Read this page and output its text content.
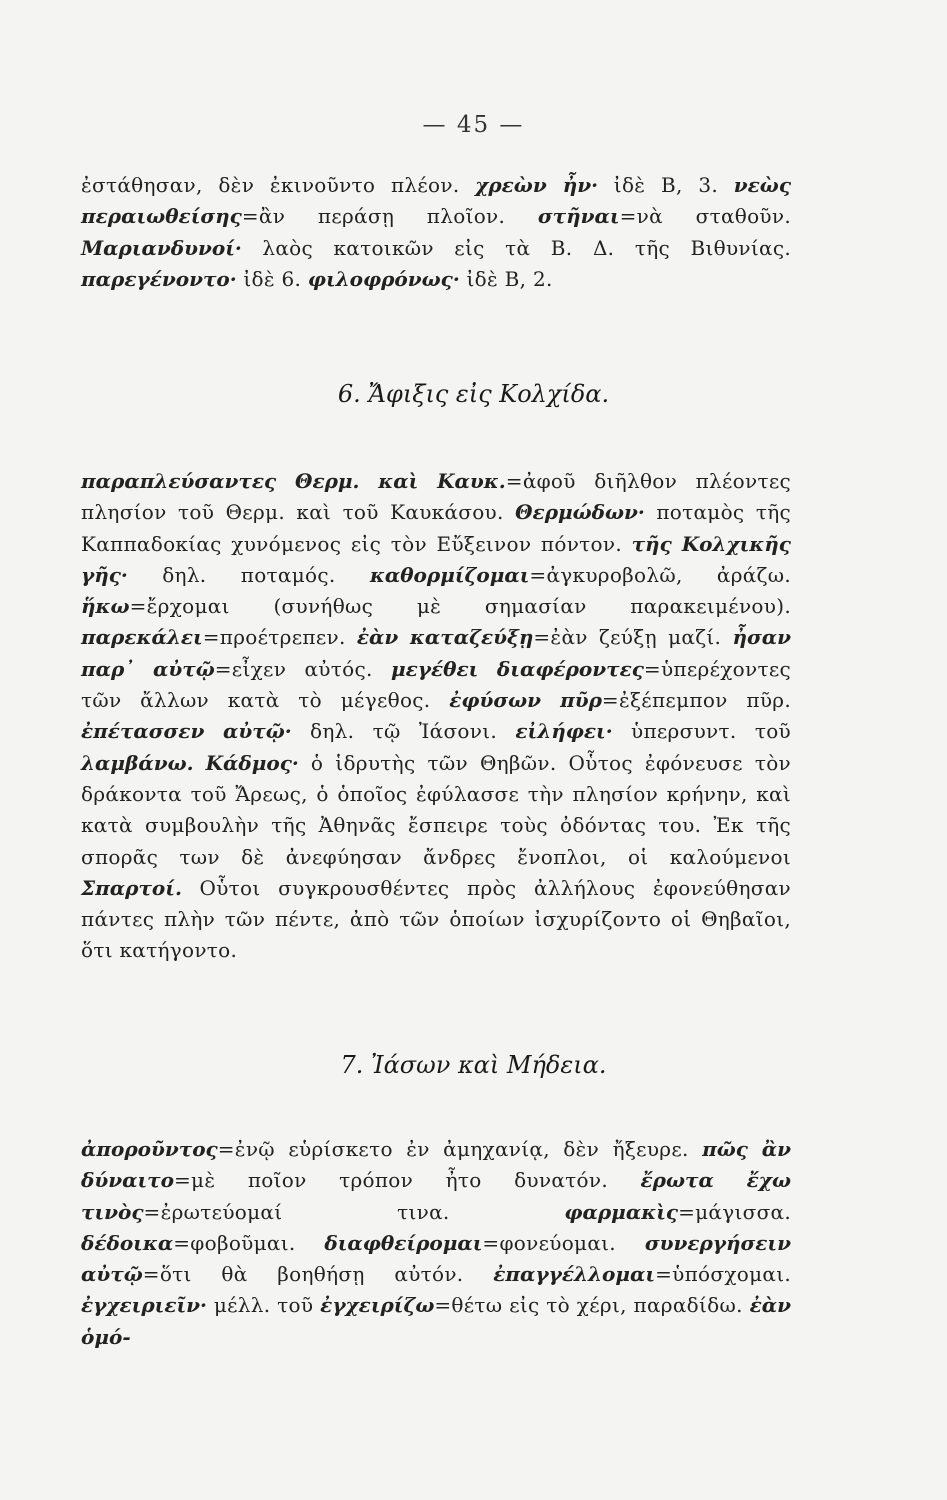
— 45 —

ἐστάθησαν, δὲν ἐκινοῦντο πλέον. χρεὼν ἦν· ἰδὲ Β, 3. νεὼς περαιωθείσης=ἂν περάσῃ πλοῖον. στῆναι=νὰ σταθοῦν. Μαριανδυνοί· λαὸς κατοικῶν εἰς τὰ Β. Δ. τῆς Βιθυνίας. παρεγένοντο· ἰδὲ 6. φιλοφρόνως· ἰδὲ Β, 2.

6. Ἄφιξις εἰς Κολχίδα.

παραπλεύσαντες Θερμ. καὶ Καυκ.=ἀφοῦ διῆλθον πλέοντες πλησίον τοῦ Θερμ. καὶ τοῦ Καυκάσου. Θερμώδων· ποταμὸς τῆς Καππαδοκίας χυνόμενος εἰς τὸν Εὔξεινον πόντον. τῆς Κολχικῆς γῆς· δηλ. ποταμός. καθορμίζομαι=ἀγκυροβολῶ, ἀράζω. ἥκω=ἔρχομαι (συνήθως μὲ σημασίαν παρακειμένου). παρεκάλει=προέτρεπεν. ἐὰν καταζεύξῃ=ἐὰν ζεύξῃ μαζί. ἦσαν παρ᾽ αὐτῷ=εἶχεν αὐτός. μεγέθει διαφέροντες=ὑπερέχοντες τῶν ἄλλων κατὰ τὸ μέγεθος. ἐφύσων πῦρ=ἐξέπεμπον πῦρ. ἐπέτασσεν αὐτῷ· δηλ. τῷ Ἰάσονι. εἰλήφει· ὑπερσυντ. τοῦ λαμβάνω. Κάδμος· ὁ ἱδρυτὴς τῶν Θηβῶν. Οὗτος ἐφόνευσε τὸν δράκοντα τοῦ Ἄρεως, ὁ ὁποῖος ἐφύλασσε τὴν πλησίον κρήνην, καὶ κατὰ συμβουλὴν τῆς Ἀθηνᾶς ἔσπειρε τοὺς ὀδόντας του. Ἐκ τῆς σπορᾶς των δὲ ἀνεφύησαν ἄνδρες ἔνοπλοι, οἱ καλούμενοι Σπαρτοί. Οὗτοι συγκρουσθέντες πρὸς ἀλλήλους ἐφονεύθησαν πάντες πλὴν τῶν πέντε, ἀπὸ τῶν ὁποίων ἰσχυρίζοντο οἱ Θηβαῖοι, ὅτι κατήγοντο.

7. Ἰάσων καὶ Μήδεια.

ἀποροῦντος=ἐνῷ εὑρίσκετο ἐν ἀμηχανίᾳ, δὲν ἤξευρε. πῶς ἂν δύναιτο=μὲ ποῖον τρόπον ἦτο δυνατόν. ἔρωτα ἔχω τινὸς=ἐρωτεύομαί τινα. φαρμακὶς=μάγισσα. δέδοικα=φοβοῦμαι. διαφθείρομαι=φονεύομαι. συνεργήσειν αὐτῷ=ὅτι θὰ βοηθήσῃ αὐτόν. ἐπαγγέλλομαι=ὑπόσχομαι. ἐγχειριεῖν· μέλλ. τοῦ ἐγχειρίζω=θέτω εἰς τὸ χέρι, παραδίδω. ἐὰν ὁμό-
